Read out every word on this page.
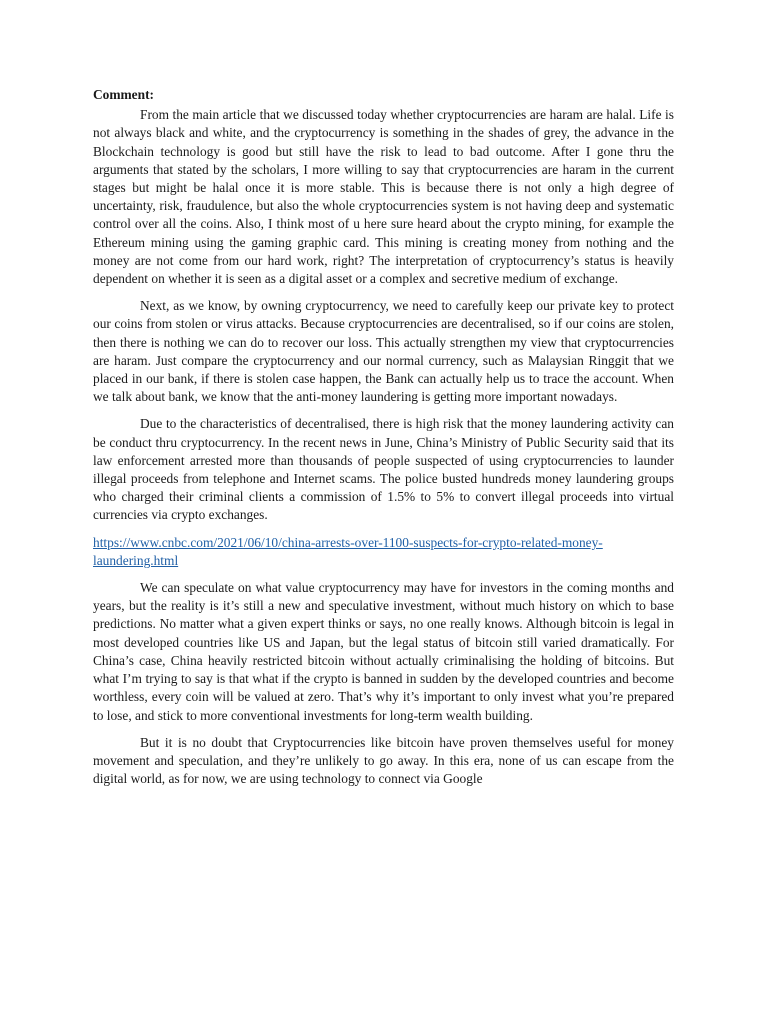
Comment:

From the main article that we discussed today whether cryptocurrencies are haram are halal. Life is not always black and white, and the cryptocurrency is something in the shades of grey, the advance in the Blockchain technology is good but still have the risk to lead to bad outcome. After I gone thru the arguments that stated by the scholars, I more willing to say that cryptocurrencies are haram in the current stages but might be halal once it is more stable. This is because there is not only a high degree of uncertainty, risk, fraudulence, but also the whole cryptocurrencies system is not having deep and systematic control over all the coins. Also, I think most of u here sure heard about the crypto mining, for example the Ethereum mining using the gaming graphic card. This mining is creating money from nothing and the money are not come from our hard work, right? The interpretation of cryptocurrency’s status is heavily dependent on whether it is seen as a digital asset or a complex and secretive medium of exchange.

Next, as we know, by owning cryptocurrency, we need to carefully keep our private key to protect our coins from stolen or virus attacks. Because cryptocurrencies are decentralised, so if our coins are stolen, then there is nothing we can do to recover our loss. This actually strengthen my view that cryptocurrencies are haram. Just compare the cryptocurrency and our normal currency, such as Malaysian Ringgit that we placed in our bank, if there is stolen case happen, the Bank can actually help us to trace the account. When we talk about bank, we know that the anti-money laundering is getting more important nowadays.

Due to the characteristics of decentralised, there is high risk that the money laundering activity can be conduct thru cryptocurrency. In the recent news in June, China’s Ministry of Public Security said that its law enforcement arrested more than thousands of people suspected of using cryptocurrencies to launder illegal proceeds from telephone and Internet scams. The police busted hundreds money laundering groups who charged their criminal clients a commission of 1.5% to 5% to convert illegal proceeds into virtual currencies via crypto exchanges.

https://www.cnbc.com/2021/06/10/china-arrests-over-1100-suspects-for-crypto-related-money-laundering.html

We can speculate on what value cryptocurrency may have for investors in the coming months and years, but the reality is it’s still a new and speculative investment, without much history on which to base predictions. No matter what a given expert thinks or says, no one really knows. Although bitcoin is legal in most developed countries like US and Japan, but the legal status of bitcoin still varied dramatically. For China’s case, China heavily restricted bitcoin without actually criminalising the holding of bitcoins. But what I’m trying to say is that what if the crypto is banned in sudden by the developed countries and become worthless, every coin will be valued at zero. That’s why it’s important to only invest what you’re prepared to lose, and stick to more conventional investments for long-term wealth building.

But it is no doubt that Cryptocurrencies like bitcoin have proven themselves useful for money movement and speculation, and they’re unlikely to go away. In this era, none of us can escape from the digital world, as for now, we are using technology to connect via Google
